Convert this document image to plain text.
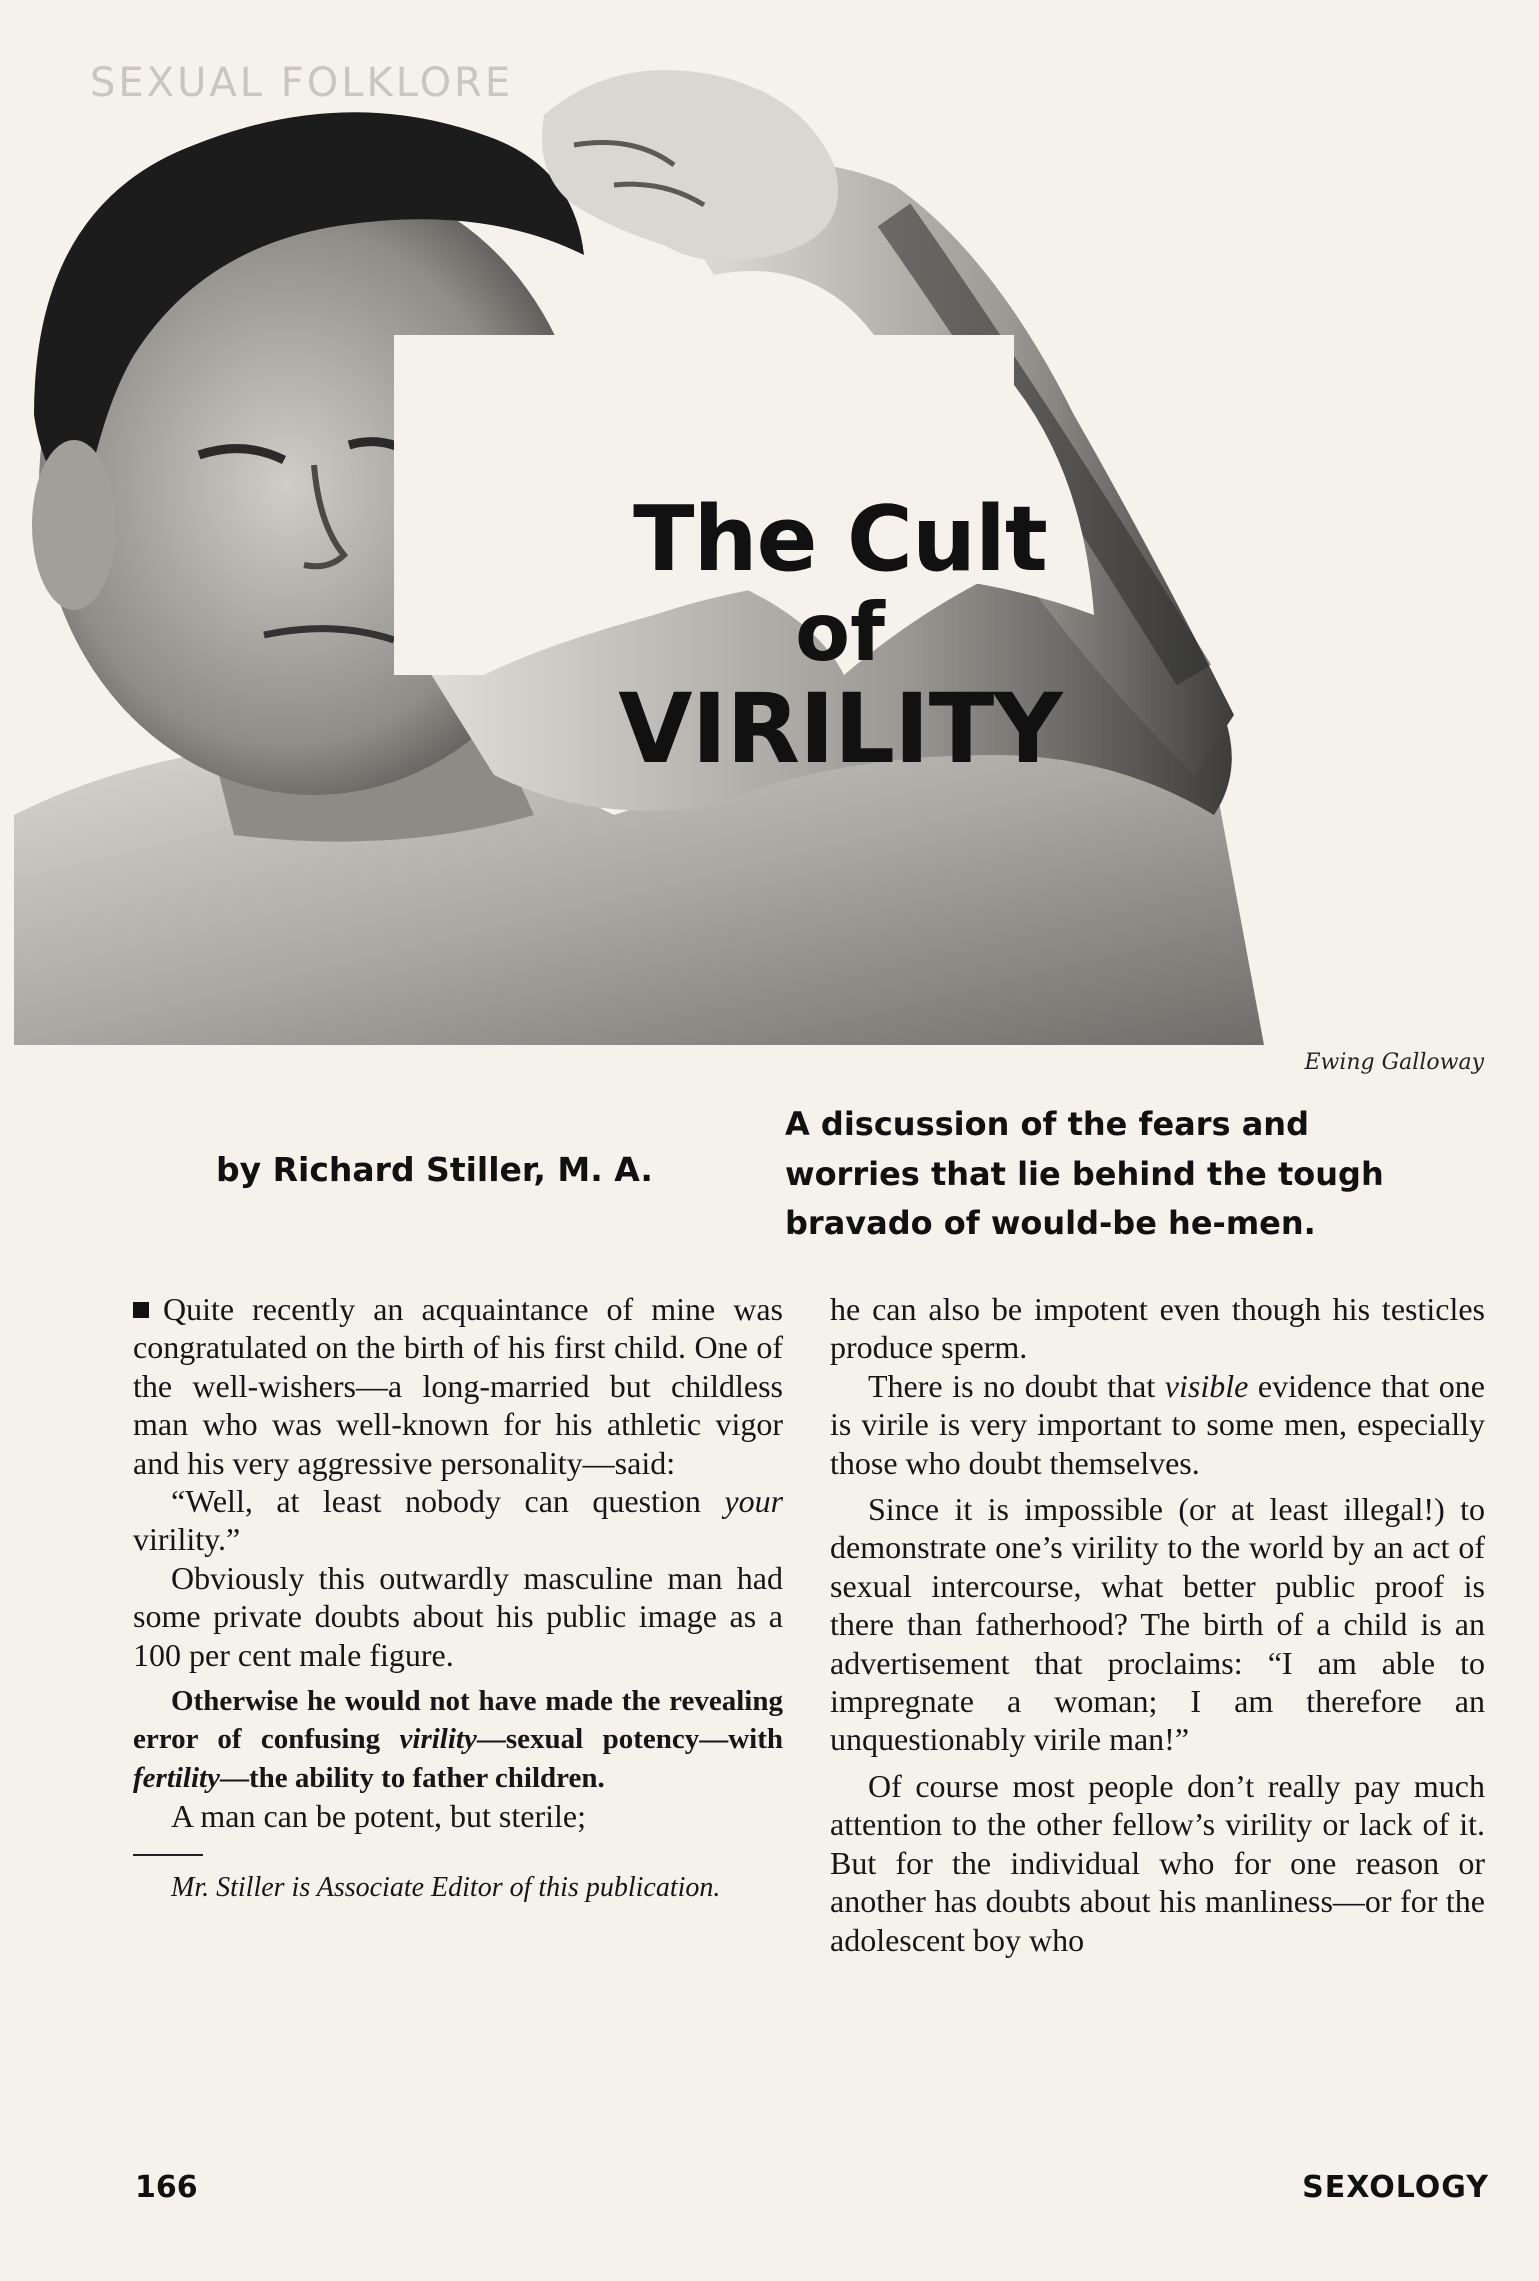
SEXUAL FOLKLORE
The Cult
of
VIRILITY
Ewing Galloway
A discussion of the fears and
worries that lie behind the tough
bravado of would-be he-men.
by Richard Stiller, M. A.

Quite recently an acquaintance of mine was congratulated on the birth of his first child. One of the well-wishers—a long-married but childless man who was well-known for his athletic vigor and his very aggressive personality—said:

“Well, at least nobody can question your virility.”

Obviously this outwardly masculine man had some private doubts about his public image as a 100 per cent male figure.

Otherwise he would not have made the revealing error of confusing virility—sexual potency—with fertility—the ability to father children.

A man can be potent, but sterile;

Mr. Stiller is Associate Editor of this publication.

he can also be impotent even though his testicles produce sperm.

There is no doubt that visible evidence that one is virile is very important to some men, especially those who doubt themselves.

Since it is impossible (or at least illegal!) to demonstrate one’s virility to the world by an act of sexual intercourse, what better public proof is there than fatherhood? The birth of a child is an advertisement that proclaims: “I am able to impregnate a woman; I am therefore an unquestionably virile man!”

Of course most people don’t really pay much attention to the other fellow’s virility or lack of it. But for the individual who for one reason or another has doubts about his manliness—or for the adolescent boy who

166	SEXOLOGY
